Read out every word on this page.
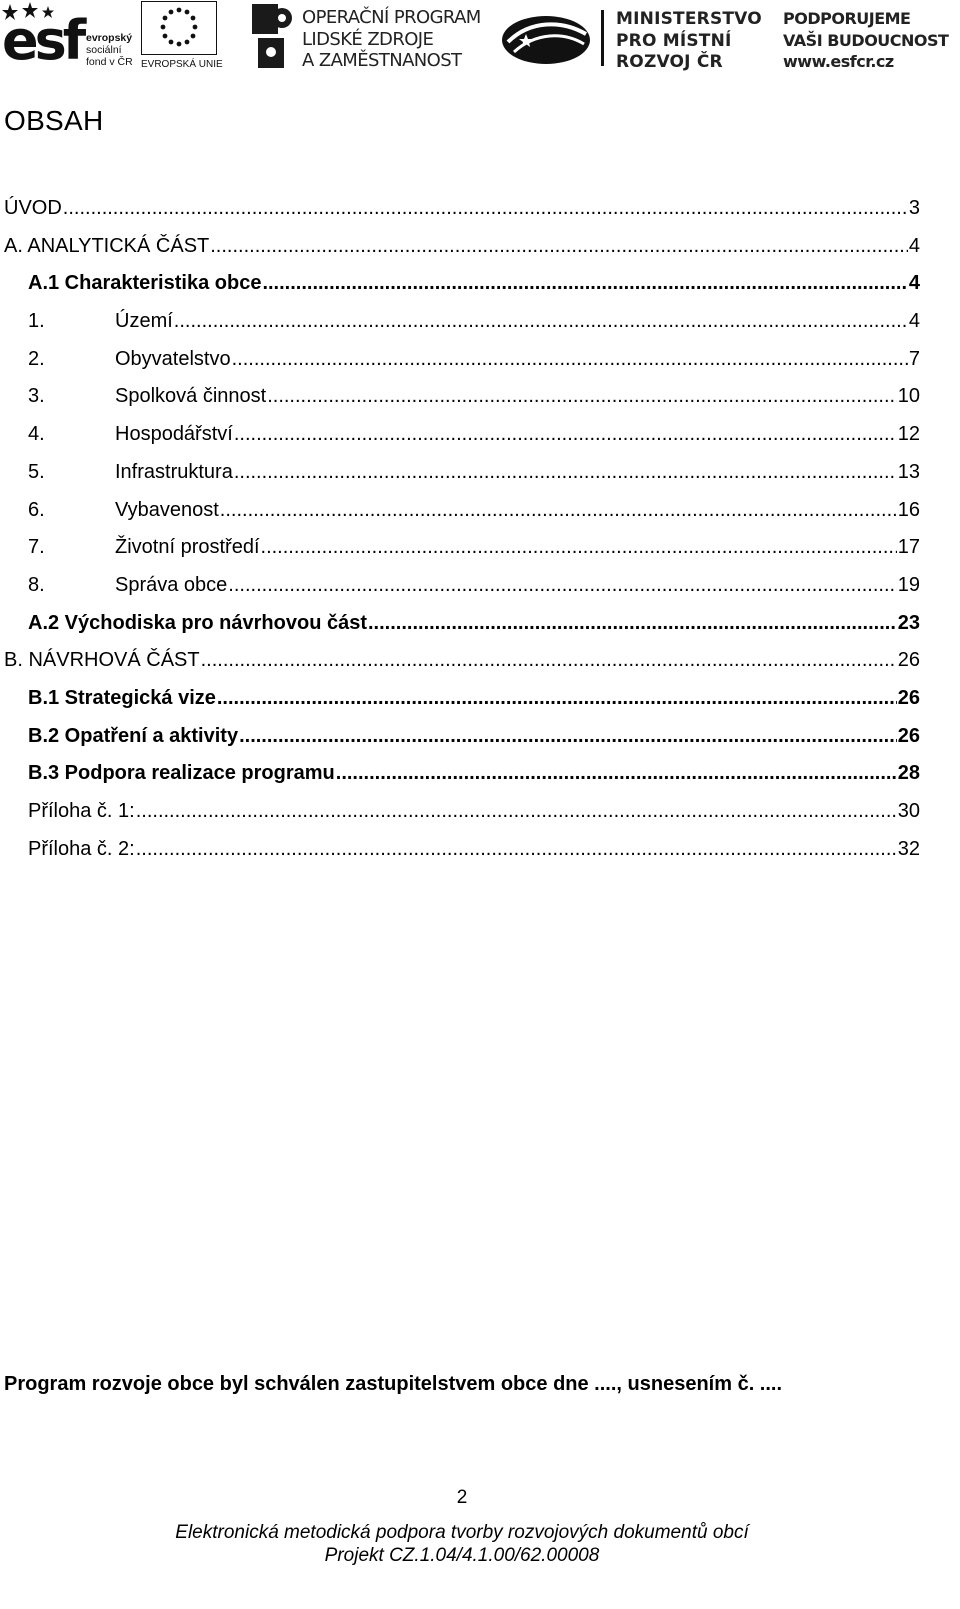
esf evropský
sociální
fond v ČR EVROPSKÁ UNIE
OPERAČNÍ PROGRAM
LIDSKÉ ZDROJE
A ZAMĚSTNANOST
MINISTERSTVO
PRO MÍSTNÍ
ROZVOJ ČR
PODPORUJEME
VAŠI BUDOUCNOST
www.esfcr.cz
OBSAH
ÚVOD .....	3
A. ANALYTICKÁ ČÁST .....	4
A.1 Charakteristika obce .....	4
1.	Území .....	4
2.	Obyvatelstvo .....	7
3.	Spolková činnost .....	10
4.	Hospodářství .....	12
5.	Infrastruktura .....	13
6.	Vybavenost .....	16
7.	Životní prostředí .....	17
8.	Správa obce .....	19
A.2 Východiska pro návrhovou část .....	23
B. NÁVRHOVÁ ČÁST .....	26
B.1 Strategická vize .....	26
B.2 Opatření a aktivity .....	26
B.3 Podpora realizace programu .....	28
Příloha č. 1: .....	30
Příloha č. 2: .....	32
Program rozvoje obce byl schválen zastupitelstvem obce dne ...., usnesením č. ....
2
Elektronická metodická podpora tvorby rozvojových dokumentů obcí
Projekt CZ.1.04/4.1.00/62.00008
